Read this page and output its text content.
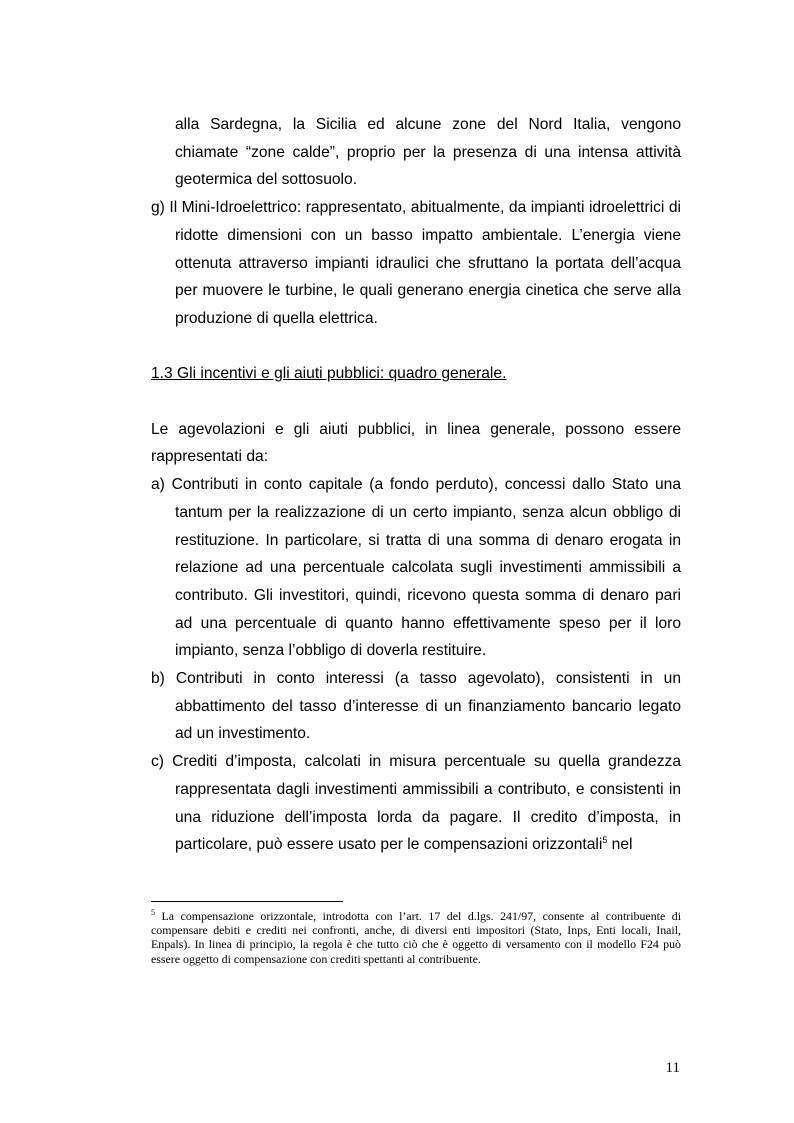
alla Sardegna, la Sicilia ed alcune zone del Nord Italia, vengono chiamate “zone calde”, proprio per la presenza di una intensa attività geotermica del sottosuolo.

g) Il Mini-Idroelettrico: rappresentato, abitualmente, da impianti idroelettrici di ridotte dimensioni con un basso impatto ambientale. L’energia viene ottenuta attraverso impianti idraulici che sfruttano la portata dell’acqua per muovere le turbine, le quali generano energia cinetica che serve alla produzione di quella elettrica.

1.3 Gli incentivi e gli aiuti pubblici: quadro generale.

Le agevolazioni e gli aiuti pubblici, in linea generale, possono essere rappresentati da:

a) Contributi in conto capitale (a fondo perduto), concessi dallo Stato una tantum per la realizzazione di un certo impianto, senza alcun obbligo di restituzione. In particolare, si tratta di una somma di denaro erogata in relazione ad una percentuale calcolata sugli investimenti ammissibili a contributo. Gli investitori, quindi, ricevono questa somma di denaro pari ad una percentuale di quanto hanno effettivamente speso per il loro impianto, senza l’obbligo di doverla restituire.

b) Contributi in conto interessi (a tasso agevolato), consistenti in un abbattimento del tasso d’interesse di un finanziamento bancario legato ad un investimento.

c) Crediti d’imposta, calcolati in misura percentuale su quella grandezza rappresentata dagli investimenti ammissibili a contributo, e consistenti in una riduzione dell’imposta lorda da pagare. Il credito d’imposta, in particolare, può essere usato per le compensazioni orizzontali$^5$ nel

$^5$ La compensazione orizzontale, introdotta con l’art. 17 del d.lgs. 241/97, consente al contribuente di compensare debiti e crediti nei confronti, anche, di diversi enti impositori (Stato, Inps, Enti locali, Inail, Enpals). In linea di principio, la regola è che tutto ciò che è oggetto di versamento con il modello F24 può essere oggetto di compensazione con crediti spettanti al contribuente.

11
